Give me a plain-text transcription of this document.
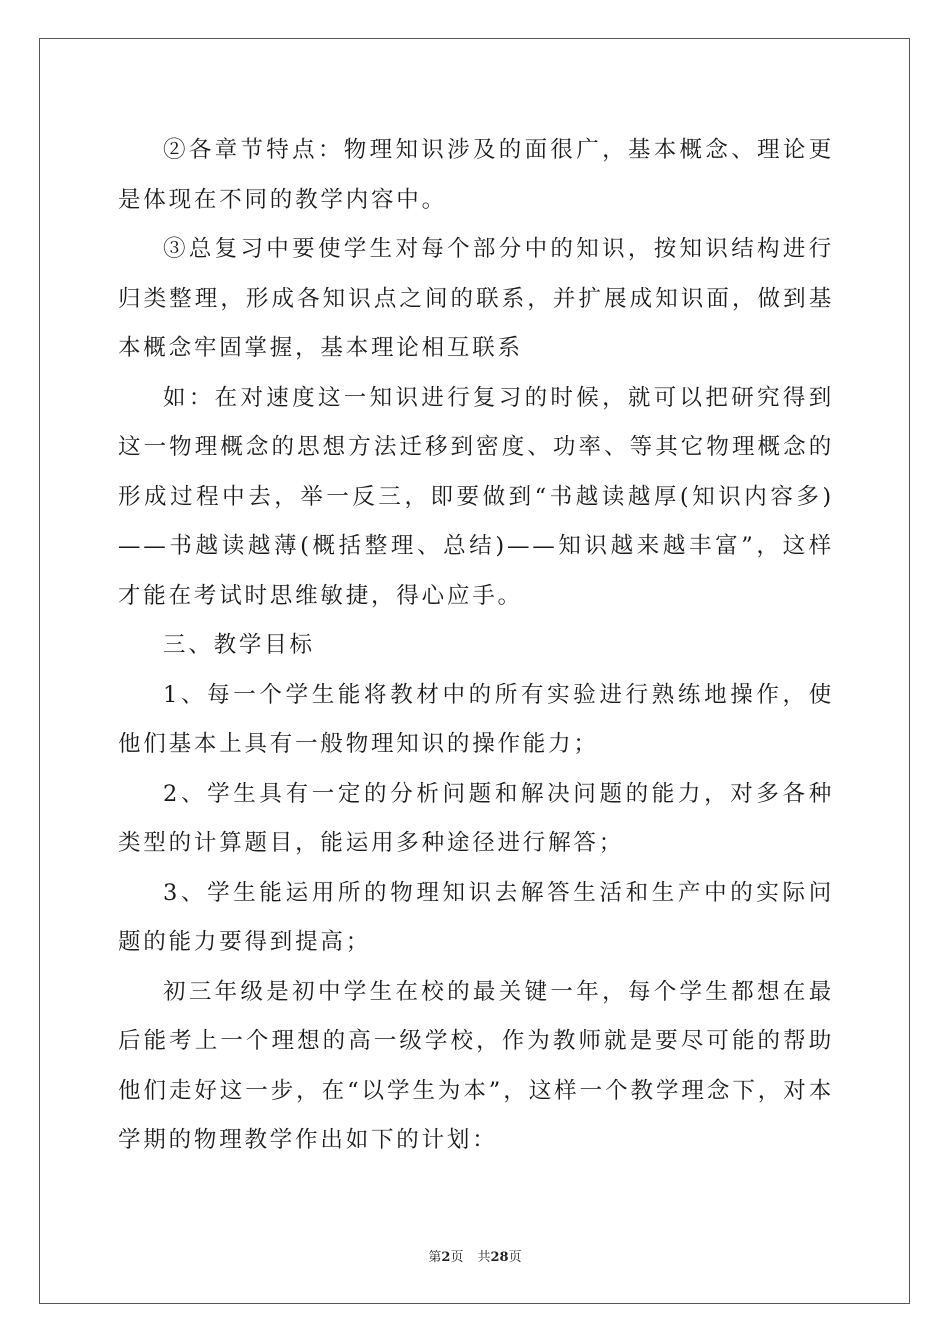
②各章节特点：物理知识涉及的面很广，基本概念、理论更是体现在不同的教学内容中。

③总复习中要使学生对每个部分中的知识，按知识结构进行归类整理，形成各知识点之间的联系，并扩展成知识面，做到基本概念牢固掌握，基本理论相互联系

如：在对速度这一知识进行复习的时候，就可以把研究得到这一物理概念的思想方法迁移到密度、功率、等其它物理概念的形成过程中去，举一反三，即要做到“书越读越厚(知识内容多)——书越读越薄(概括整理、总结)——知识越来越丰富”，这样才能在考试时思维敏捷，得心应手。

三、教学目标

1、每一个学生能将教材中的所有实验进行熟练地操作，使他们基本上具有一般物理知识的操作能力；

2、学生具有一定的分析问题和解决问题的能力，对多各种类型的计算题目，能运用多种途径进行解答；

3、学生能运用所的物理知识去解答生活和生产中的实际问题的能力要得到提高；

初三年级是初中学生在校的最关键一年，每个学生都想在最后能考上一个理想的高一级学校，作为教师就是要尽可能的帮助他们走好这一步，在“以学生为本”，这样一个教学理念下，对本学期的物理教学作出如下的计划：

第2页 共28页
